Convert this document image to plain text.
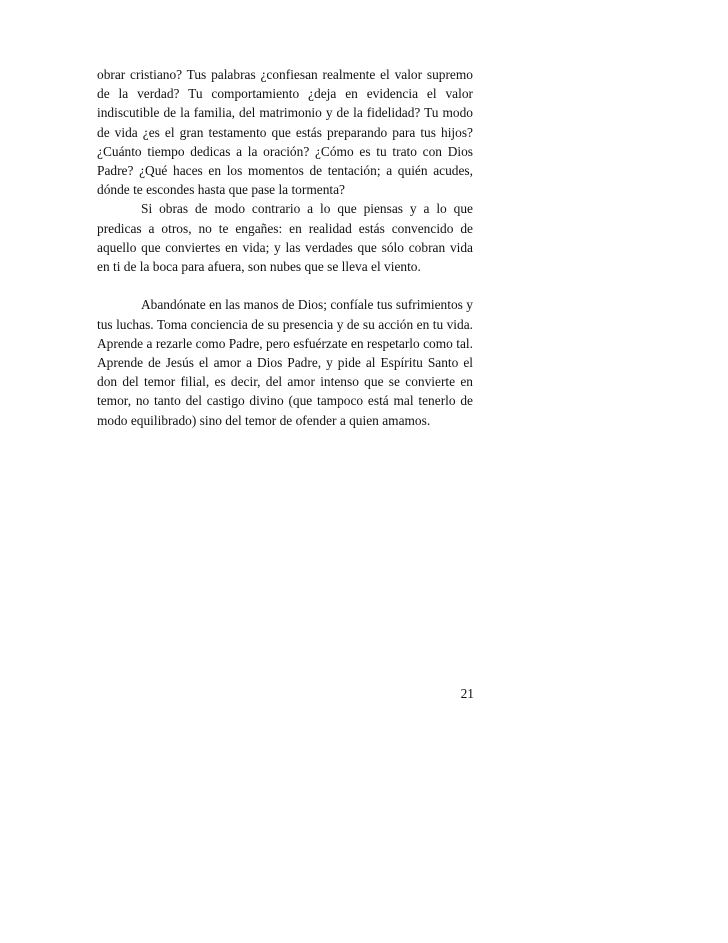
obrar cristiano? Tus palabras ¿confiesan realmente el valor supremo de la verdad? Tu comportamiento ¿deja en evidencia el valor indiscutible de la familia, del matrimonio y de la fidelidad? Tu modo de vida ¿es el gran testamento que estás preparando para tus hijos? ¿Cuánto tiempo dedicas a la oración? ¿Cómo es tu trato con Dios Padre? ¿Qué haces en los momentos de tentación; a quién acudes, dónde te escondes hasta que pase la tormenta?

Si obras de modo contrario a lo que piensas y a lo que predicas a otros, no te engañes: en realidad estás convencido de aquello que conviertes en vida; y las verdades que sólo cobran vida en ti de la boca para afuera, son nubes que se lleva el viento.

Abandónate en las manos de Dios; confíale tus sufrimientos y tus luchas. Toma conciencia de su presencia y de su acción en tu vida. Aprende a rezarle como Padre, pero esfuérzate en respetarlo como tal. Aprende de Jesús el amor a Dios Padre, y pide al Espíritu Santo el don del temor filial, es decir, del amor intenso que se convierte en temor, no tanto del castigo divino (que tampoco está mal tenerlo de modo equilibrado) sino del temor de ofender a quien amamos.

21
